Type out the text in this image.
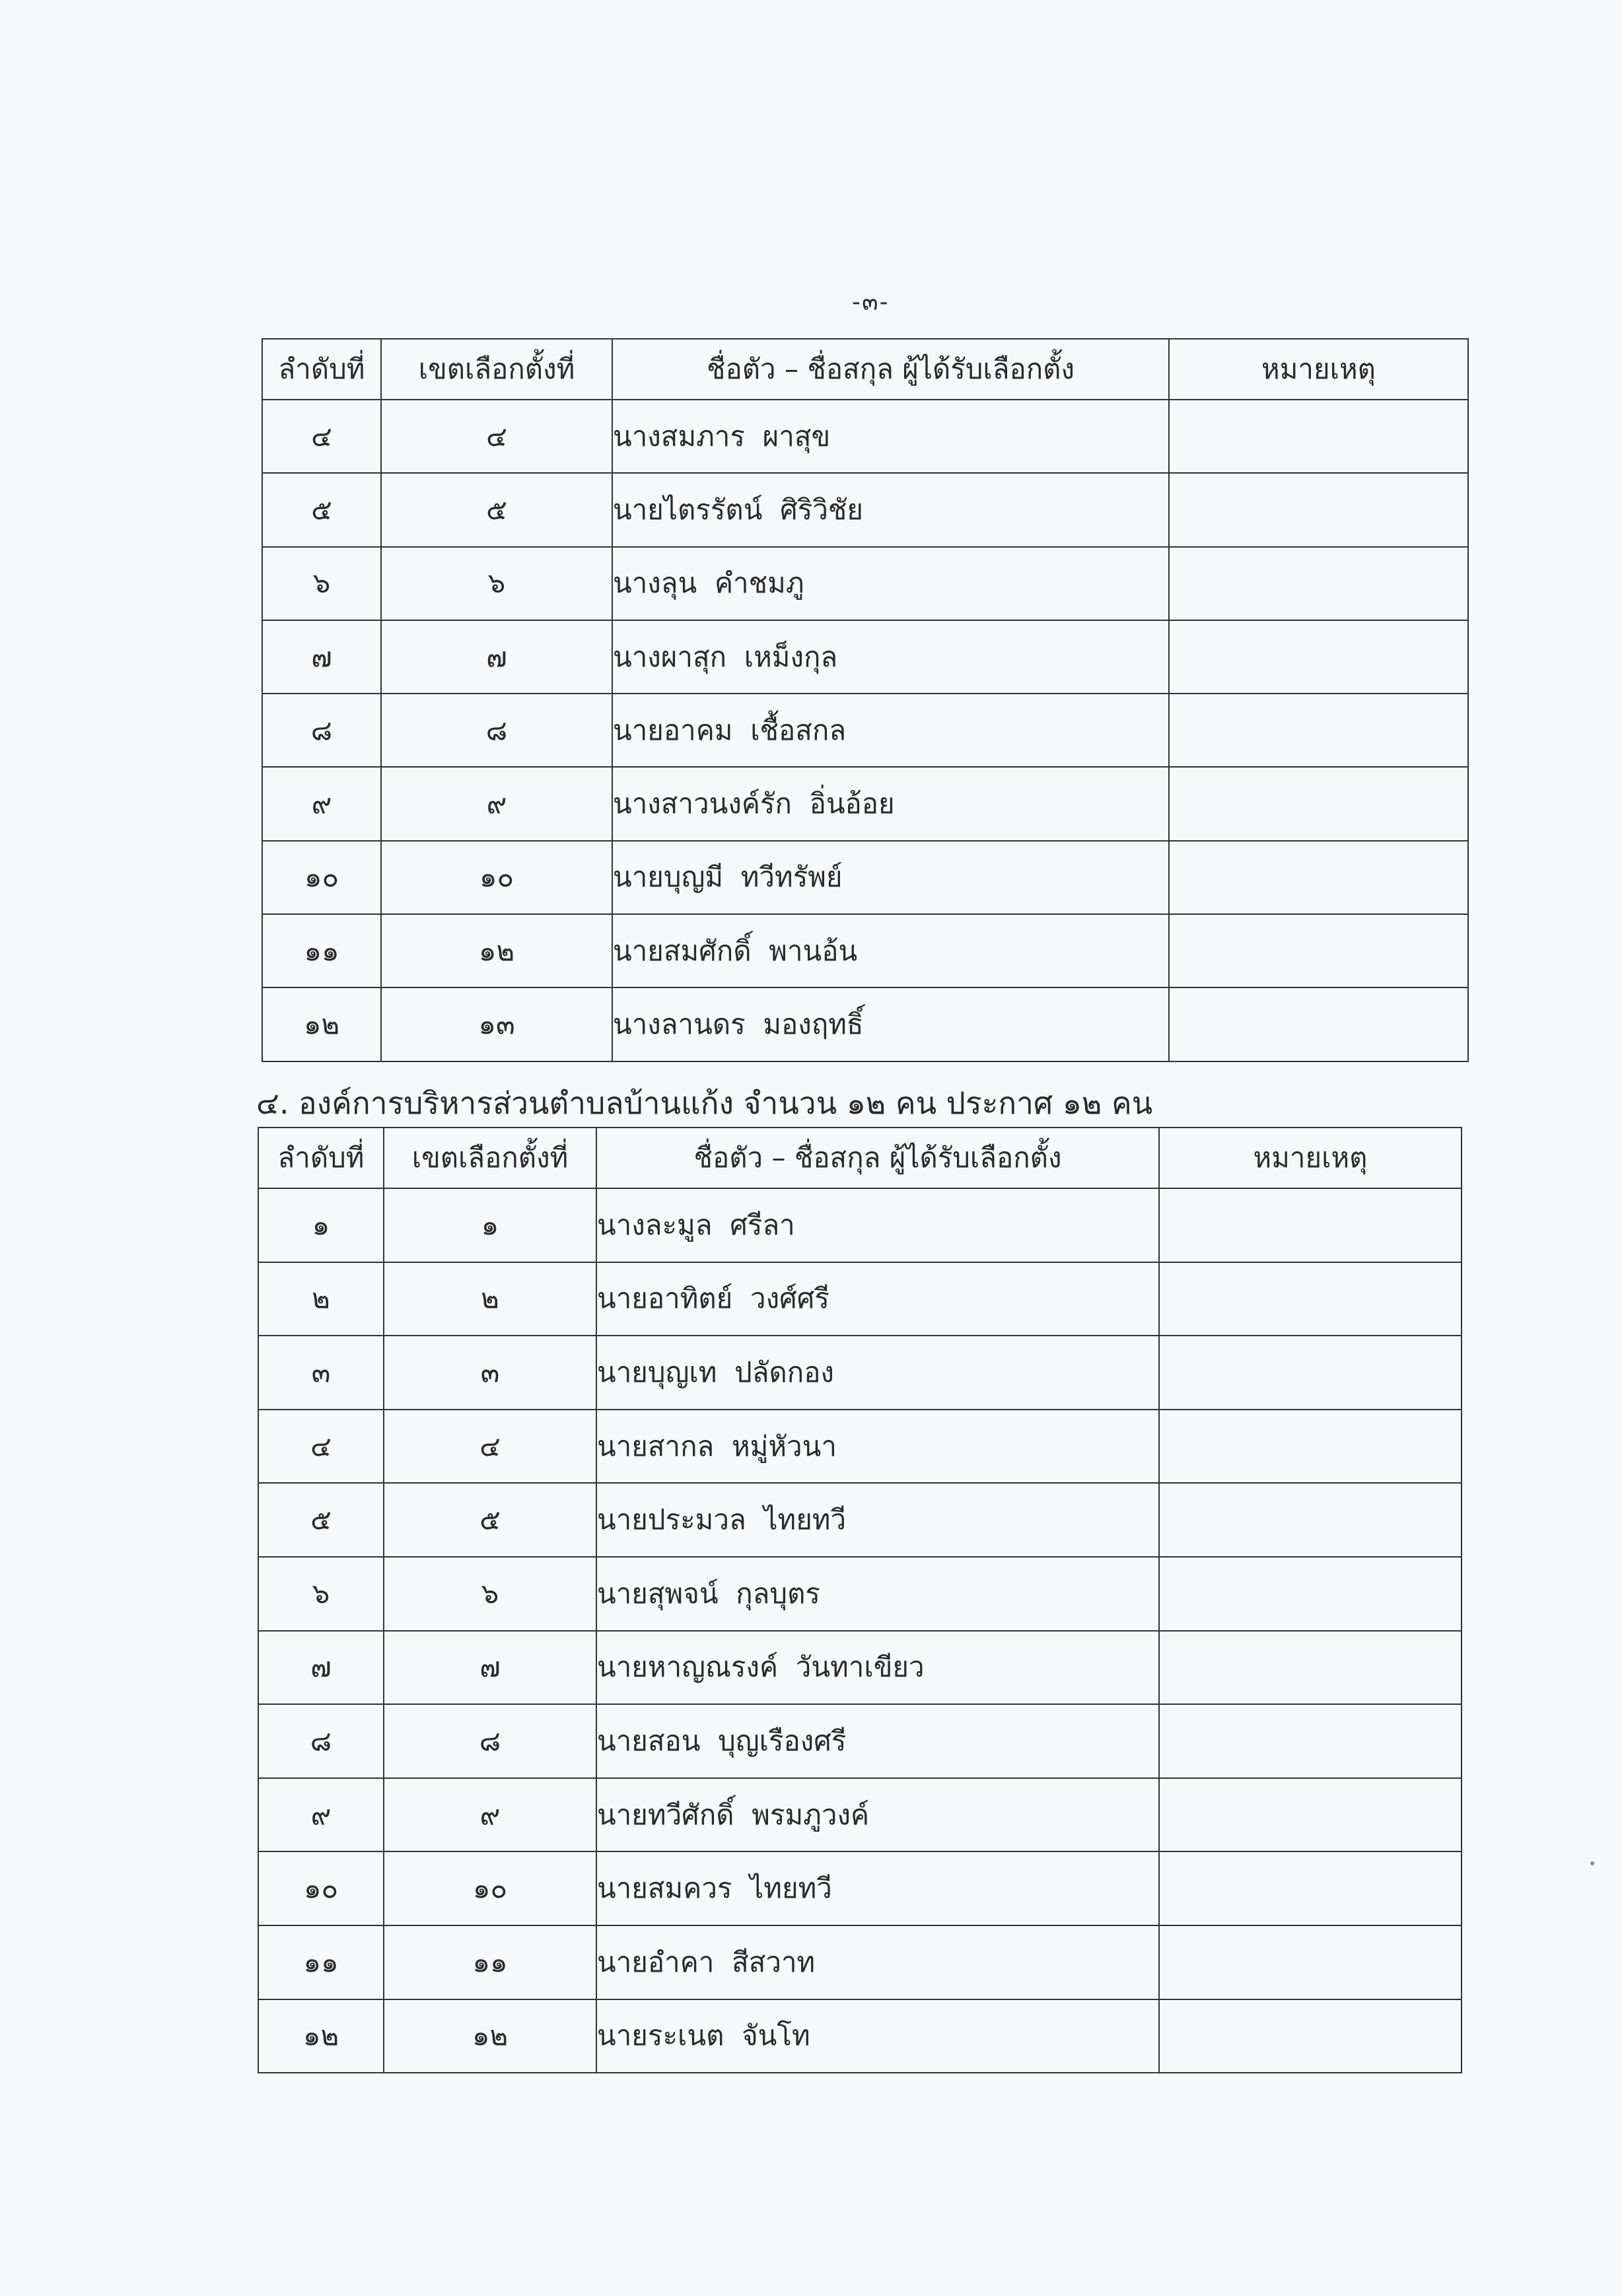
-๓-
ลำดับที่	เขตเลือกตั้งที่	ชื่อตัว – ชื่อสกุล ผู้ได้รับเลือกตั้ง	หมายเหตุ
๔	๔	นางสมภาร  ผาสุข	
๕	๕	นายไตรรัตน์  ศิริวิชัย	
๖	๖	นางลุน  คำชมภู	
๗	๗	นางผาสุก  เหม็งกุล	
๘	๘	นายอาคม  เชื้อสกล	
๙	๙	นางสาวนงค์รัก  อิ่นอ้อย	
๑๐	๑๐	นายบุญมี  ทวีทรัพย์	
๑๑	๑๒	นายสมศักดิ์  พานอ้น	
๑๒	๑๓	นางลานดร  มองฤทธิ์	
๔. องค์การบริหารส่วนตำบลบ้านแก้ง จำนวน ๑๒ คน ประกาศ ๑๒ คน
ลำดับที่	เขตเลือกตั้งที่	ชื่อตัว – ชื่อสกุล ผู้ได้รับเลือกตั้ง	หมายเหตุ
๑	๑	นางละมูล  ศรีลา	
๒	๒	นายอาทิตย์  วงศ์ศรี	
๓	๓	นายบุญเท  ปลัดกอง	
๔	๔	นายสากล  หมู่หัวนา	
๕	๕	นายประมวล  ไทยทวี	
๖	๖	นายสุพจน์  กุลบุตร	
๗	๗	นายหาญณรงค์  วันทาเขียว	
๘	๘	นายสอน  บุญเรืองศรี	
๙	๙	นายทวีศักดิ์  พรมภูวงค์	
๑๐	๑๐	นายสมควร  ไทยทวี	
๑๑	๑๑	นายอำคา  สีสวาท	
๑๒	๑๒	นายระเนต  จันโท	
